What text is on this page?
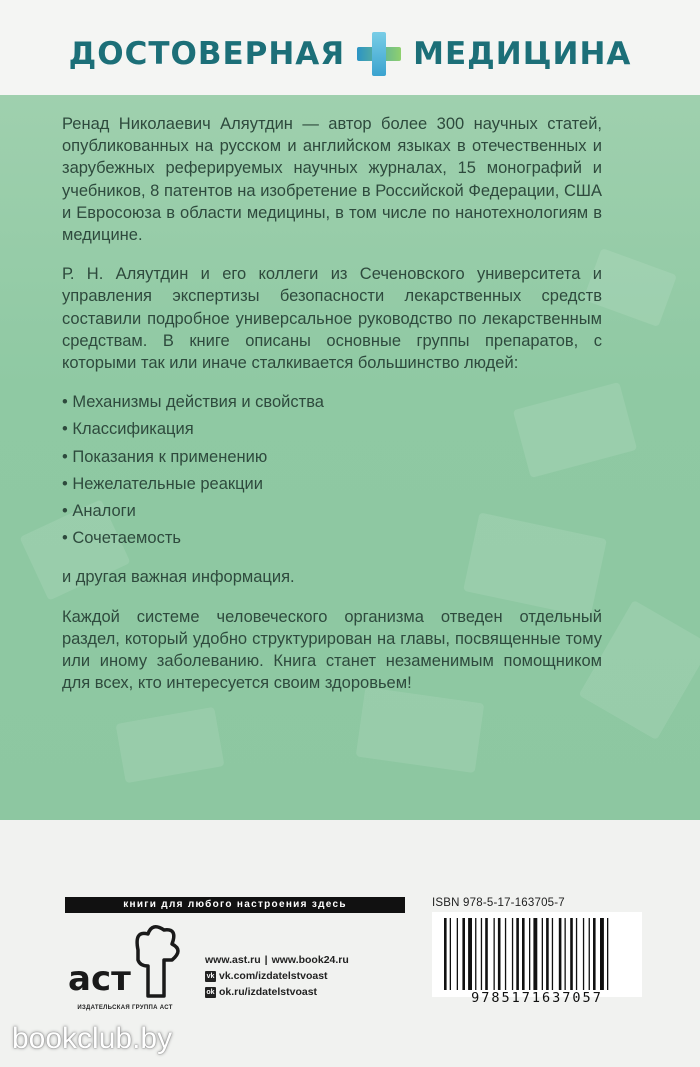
ДОСТОВЕРНАЯ МЕДИЦИНА

Ренад Николаевич Аляутдин — автор более 300 научных статей, опубликованных на русском и английском языках в отечественных и зарубежных реферируемых научных журналах, 15 монографий и учебников, 8 патентов на изобретение в Российской Федерации, США и Евросоюза в области медицины, в том числе по нанотехнологиям в медицине.

Р. Н. Аляутдин и его коллеги из Сеченовского университета и управления экспертизы безопасности лекарственных средств составили подробное универсальное руководство по лекарственным средствам. В книге описаны основные группы препаратов, с которыми так или иначе сталкивается большинство людей:

• Механизмы действия и свойства
• Классификация
• Показания к применению
• Нежелательные реакции
• Аналоги
• Сочетаемость

и другая важная информация.

Каждой системе человеческого организма отведен отдельный раздел, который удобно структурирован на главы, посвященные тому или иному заболеванию. Книга станет незаменимым помощником для всех, кто интересуется своим здоровьем!

книги для любого настроения здесь
аст
ИЗДАТЕЛЬСКАЯ ГРУППА АСТ
www.ast.ru | www.book24.ru
vk vk.com/izdatelstvoast
ok ok.ru/izdatelstvoast
ISBN 978-5-17-163705-7
9785171637057
bookclub.by
